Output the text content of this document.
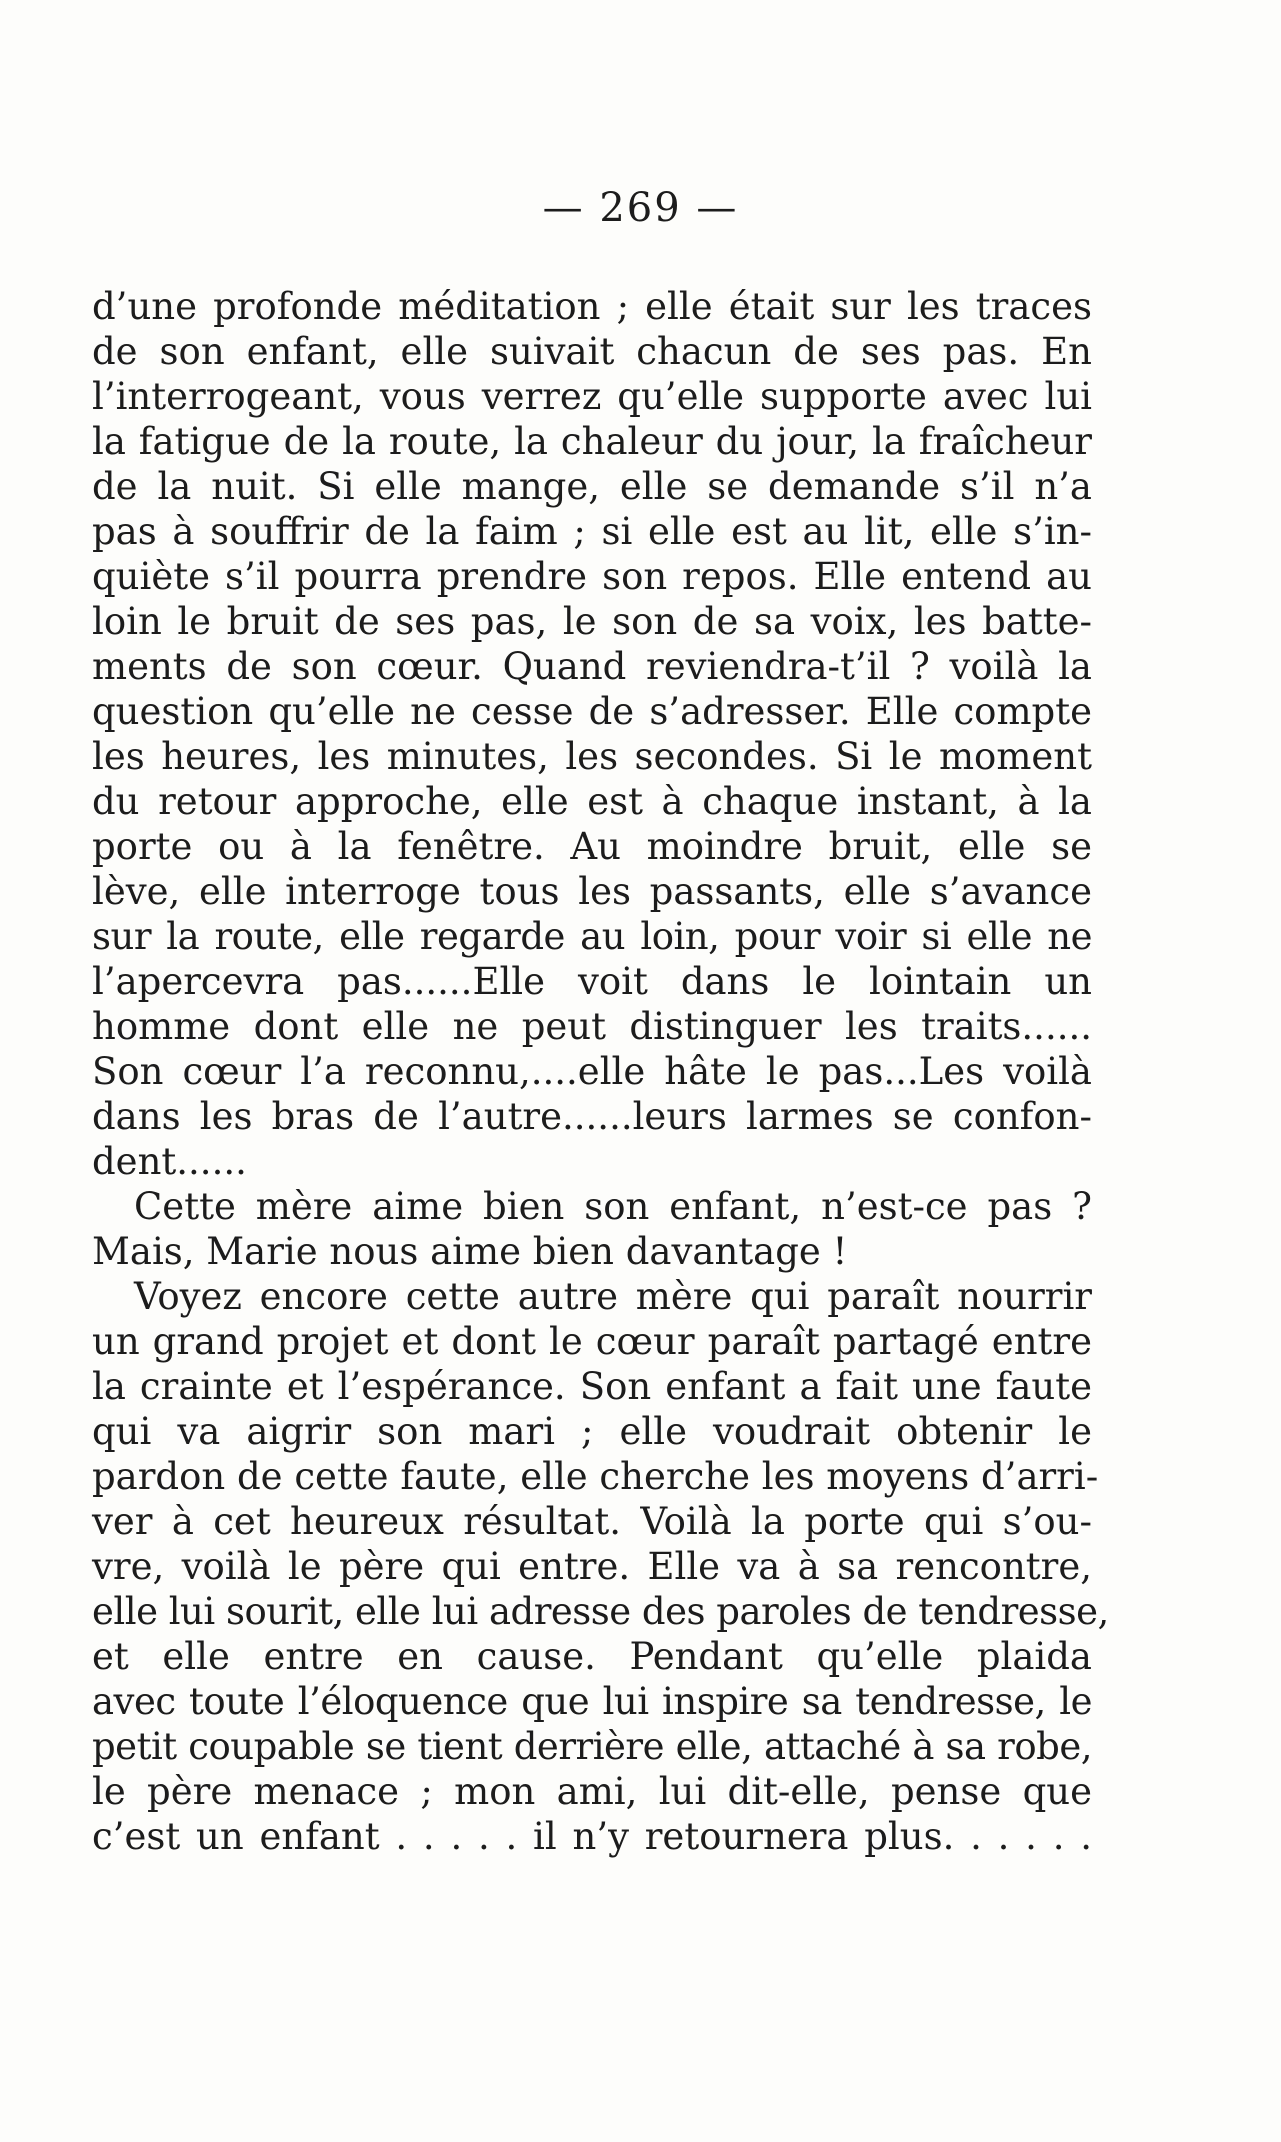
— 269 —
d’une profonde méditation ; elle était sur les traces
de son enfant, elle suivait chacun de ses pas. En
l’interrogeant, vous verrez qu’elle supporte avec lui
la fatigue de la route, la chaleur du jour, la fraîcheur
de la nuit. Si elle mange, elle se demande s’il n’a
pas à souffrir de la faim ; si elle est au lit, elle s’in-
quiète s’il pourra prendre son repos. Elle entend au
loin le bruit de ses pas, le son de sa voix, les batte-
ments de son cœur. Quand reviendra-t’il ? voilà la
question qu’elle ne cesse de s’adresser. Elle compte
les heures, les minutes, les secondes. Si le moment
du retour approche, elle est à chaque instant, à la
porte ou à la fenêtre. Au moindre bruit, elle se
lève, elle interroge tous les passants, elle s’avance
sur la route, elle regarde au loin, pour voir si elle ne
l’apercevra pas......Elle voit dans le lointain un
homme dont elle ne peut distinguer les traits......
Son cœur l’a reconnu,....elle hâte le pas...Les voilà
dans les bras de l’autre......leurs larmes se confon-
dent......
Cette mère aime bien son enfant, n’est-ce pas ?
Mais, Marie nous aime bien davantage !
Voyez encore cette autre mère qui paraît nourrir
un grand projet et dont le cœur paraît partagé entre
la crainte et l’espérance. Son enfant a fait une faute
qui va aigrir son mari ; elle voudrait obtenir le
pardon de cette faute, elle cherche les moyens d’arri-
ver à cet heureux résultat. Voilà la porte qui s’ou-
vre, voilà le père qui entre. Elle va à sa rencontre,
elle lui sourit, elle lui adresse des paroles de tendresse,
et elle entre en cause. Pendant qu’elle plaida
avec toute l’éloquence que lui inspire sa tendresse, le
petit coupable se tient derrière elle, attaché à sa robe,
le père menace ; mon ami, lui dit-elle, pense que
c’est un enfant . . . . . il n’y retournera plus. . . . . .
